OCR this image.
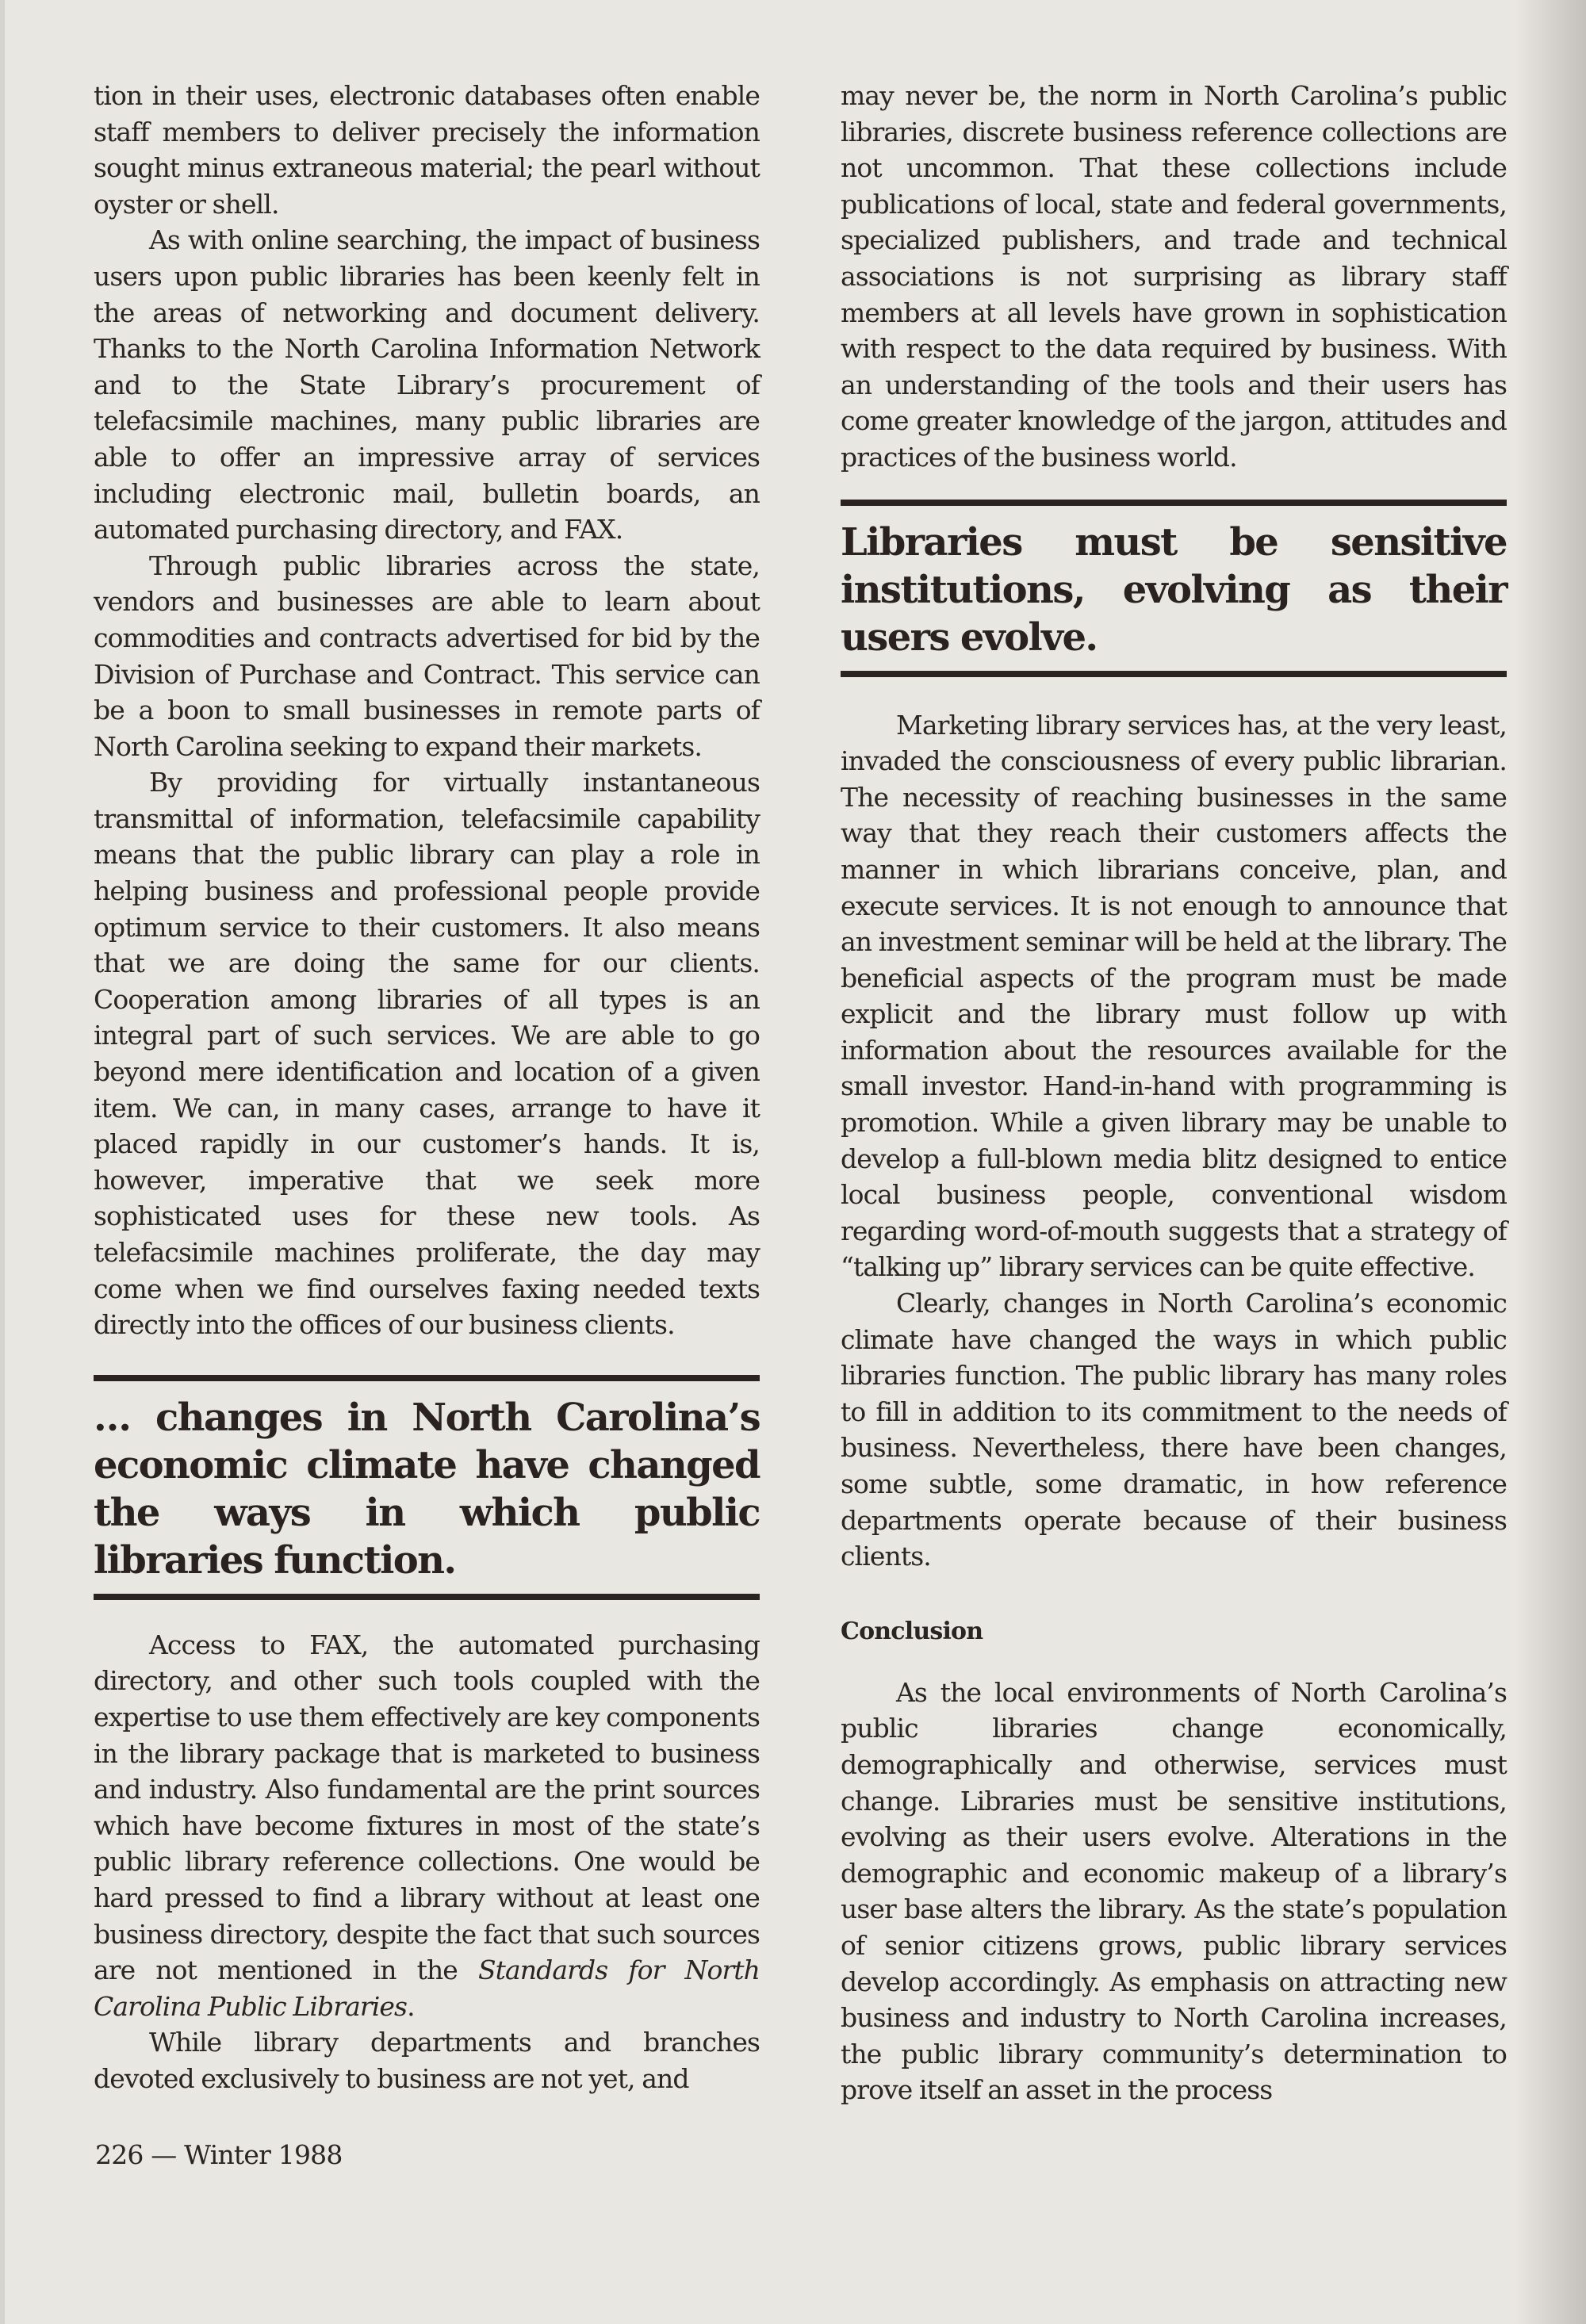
tion in their uses, electronic databases often enable staff members to deliver precisely the information sought minus extraneous material; the pearl without oyster or shell.

As with online searching, the impact of business users upon public libraries has been keenly felt in the areas of networking and document delivery. Thanks to the North Carolina Information Network and to the State Library’s procurement of telefacsimile machines, many public libraries are able to offer an impressive array of services including electronic mail, bulletin boards, an automated purchasing directory, and FAX.

Through public libraries across the state, vendors and businesses are able to learn about commodities and contracts advertised for bid by the Division of Purchase and Contract. This service can be a boon to small businesses in remote parts of North Carolina seeking to expand their markets.

By providing for virtually instantaneous transmittal of information, telefacsimile capability means that the public library can play a role in helping business and professional people provide optimum service to their customers. It also means that we are doing the same for our clients. Cooperation among libraries of all types is an integral part of such services. We are able to go beyond mere identification and location of a given item. We can, in many cases, arrange to have it placed rapidly in our customer’s hands. It is, however, imperative that we seek more sophisticated uses for these new tools. As telefacsimile machines proliferate, the day may come when we find ourselves faxing needed texts directly into the offices of our business clients.

… changes in North Carolina’s economic climate have changed the ways in which public libraries function.

Access to FAX, the automated purchasing directory, and other such tools coupled with the expertise to use them effectively are key components in the library package that is marketed to business and industry. Also fundamental are the print sources which have become fixtures in most of the state’s public library reference collections. One would be hard pressed to find a library without at least one business directory, despite the fact that such sources are not mentioned in the Standards for North Carolina Public Libraries.

While library departments and branches devoted exclusively to business are not yet, and

may never be, the norm in North Carolina’s public libraries, discrete business reference collections are not uncommon. That these collections include publications of local, state and federal governments, specialized publishers, and trade and technical associations is not surprising as library staff members at all levels have grown in sophistication with respect to the data required by business. With an understanding of the tools and their users has come greater knowledge of the jargon, attitudes and practices of the business world.

Libraries must be sensitive institutions, evolving as their users evolve.

Marketing library services has, at the very least, invaded the consciousness of every public librarian. The necessity of reaching businesses in the same way that they reach their customers affects the manner in which librarians conceive, plan, and execute services. It is not enough to announce that an investment seminar will be held at the library. The beneficial aspects of the program must be made explicit and the library must follow up with information about the resources available for the small investor. Hand-in-hand with programming is promotion. While a given library may be unable to develop a full-blown media blitz designed to entice local business people, conventional wisdom regarding word-of-mouth suggests that a strategy of “talking up” library services can be quite effective.

Clearly, changes in North Carolina’s economic climate have changed the ways in which public libraries function. The public library has many roles to fill in addition to its commitment to the needs of business. Nevertheless, there have been changes, some subtle, some dramatic, in how reference departments operate because of their business clients.

Conclusion

As the local environments of North Carolina’s public libraries change economically, demographically and otherwise, services must change. Libraries must be sensitive institutions, evolving as their users evolve. Alterations in the demographic and economic makeup of a library’s user base alters the library. As the state’s population of senior citizens grows, public library services develop accordingly. As emphasis on attracting new business and industry to North Carolina increases, the public library community’s determination to prove itself an asset in the process

226 — Winter 1988
